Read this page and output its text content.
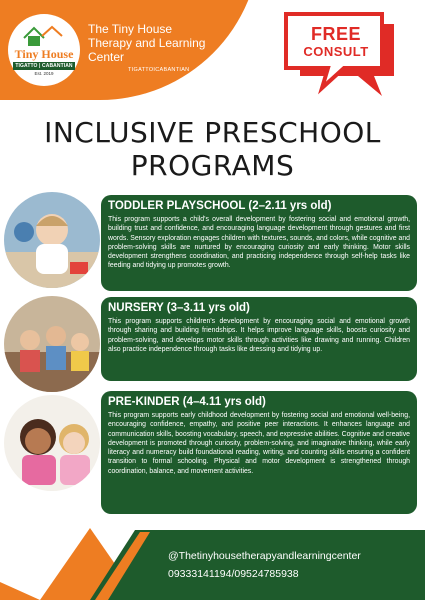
Tiny House
TIGATTO | CABANTIAN
Est. 2019
The Tiny House Therapy and Learning Center
TIGATTOICABANTIAN
FREE
CONSULT
INCLUSIVE PRESCHOOL
PROGRAMS
TODDLER PLAYSCHOOL (2–2.11 yrs old)
This program supports a child's overall development by fostering social and emotional growth, building trust and confidence, and encouraging language development through gestures and first words. Sensory exploration engages children with textures, sounds, and colors, while cognitive and problem-solving skills are nurtured by encouraging curiosity and early thinking. Motor skills development strengthens coordination, and practicing independence through self-help tasks like feeding and tidying up promotes growth.
NURSERY (3–3.11 yrs old)
This program supports children's development by encouraging social and emotional growth through sharing and building friendships. It helps improve language skills, boosts curiosity and problem-solving, and develops motor skills through activities like drawing and running. Children also practice independence through tasks like dressing and tidying up.
PRE-KINDER (4–4.11 yrs old)
This program supports early childhood development by fostering social and emotional well-being, encouraging confidence, empathy, and positive peer interactions. It enhances language and communication skills, boosting vocabulary, speech, and expressive abilities. Cognitive and creative development is promoted through curiosity, problem-solving, and imaginative thinking, while early literacy and numeracy build foundational reading, writing, and counting skills ensuring a confident transition to formal schooling. Physical and motor development is strengthened through coordination, balance, and movement activities.
@Thetinyhousetherapyandlearningcenter
09333141194/09524785938
